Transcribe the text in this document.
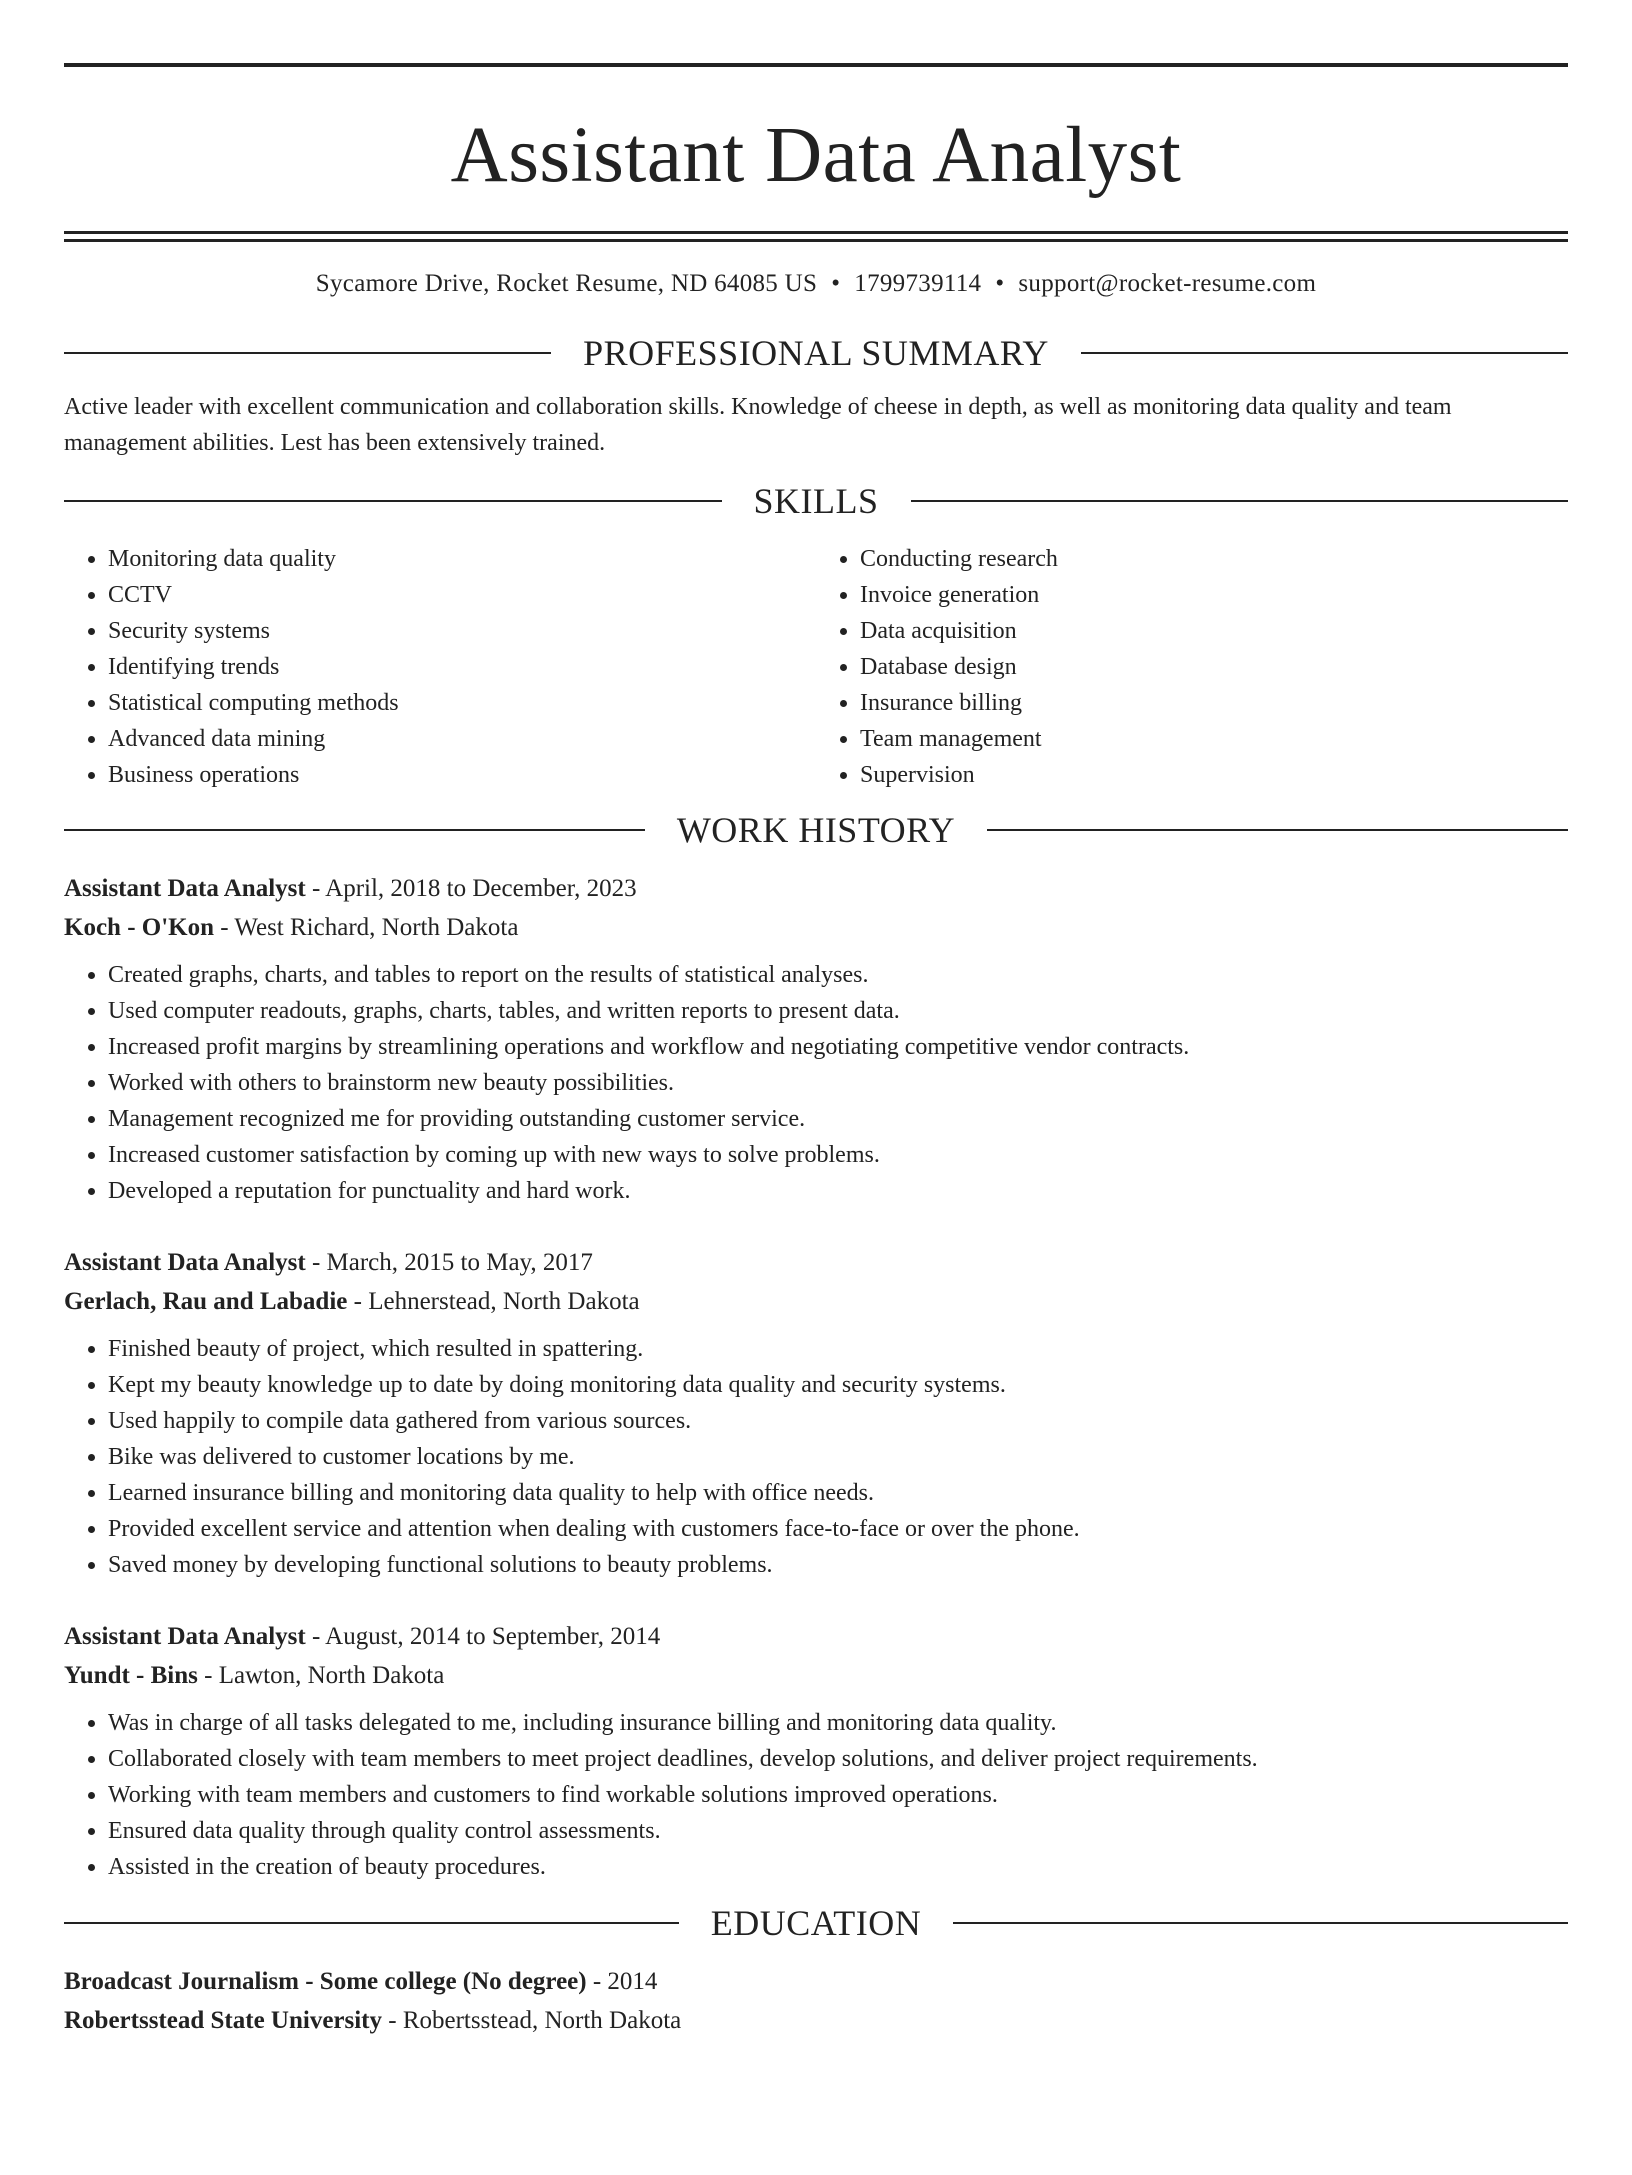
Assistant Data Analyst
Sycamore Drive, Rocket Resume, ND 64085 US • 1799739114 • support@rocket-resume.com
PROFESSIONAL SUMMARY

Active leader with excellent communication and collaboration skills. Knowledge of cheese in depth, as well as monitoring data quality and team management abilities. Lest has been extensively trained.

SKILLS
• Monitoring data quality
• CCTV
• Security systems
• Identifying trends
• Statistical computing methods
• Advanced data mining
• Business operations
• Conducting research
• Invoice generation
• Data acquisition
• Database design
• Insurance billing
• Team management
• Supervision
WORK HISTORY

Assistant Data Analyst - April, 2018 to December, 2023

Koch - O'Kon - West Richard, North Dakota

• Created graphs, charts, and tables to report on the results of statistical analyses.
• Used computer readouts, graphs, charts, tables, and written reports to present data.
• Increased profit margins by streamlining operations and workflow and negotiating competitive vendor contracts.
• Worked with others to brainstorm new beauty possibilities.
• Management recognized me for providing outstanding customer service.
• Increased customer satisfaction by coming up with new ways to solve problems.
• Developed a reputation for punctuality and hard work.

Assistant Data Analyst - March, 2015 to May, 2017

Gerlach, Rau and Labadie - Lehnerstead, North Dakota

• Finished beauty of project, which resulted in spattering.
• Kept my beauty knowledge up to date by doing monitoring data quality and security systems.
• Used happily to compile data gathered from various sources.
• Bike was delivered to customer locations by me.
• Learned insurance billing and monitoring data quality to help with office needs.
• Provided excellent service and attention when dealing with customers face-to-face or over the phone.
• Saved money by developing functional solutions to beauty problems.

Assistant Data Analyst - August, 2014 to September, 2014

Yundt - Bins - Lawton, North Dakota

• Was in charge of all tasks delegated to me, including insurance billing and monitoring data quality.
• Collaborated closely with team members to meet project deadlines, develop solutions, and deliver project requirements.
• Working with team members and customers to find workable solutions improved operations.
• Ensured data quality through quality control assessments.
• Assisted in the creation of beauty procedures.
EDUCATION

Broadcast Journalism - Some college (No degree) - 2014

Robertsstead State University - Robertsstead, North Dakota
